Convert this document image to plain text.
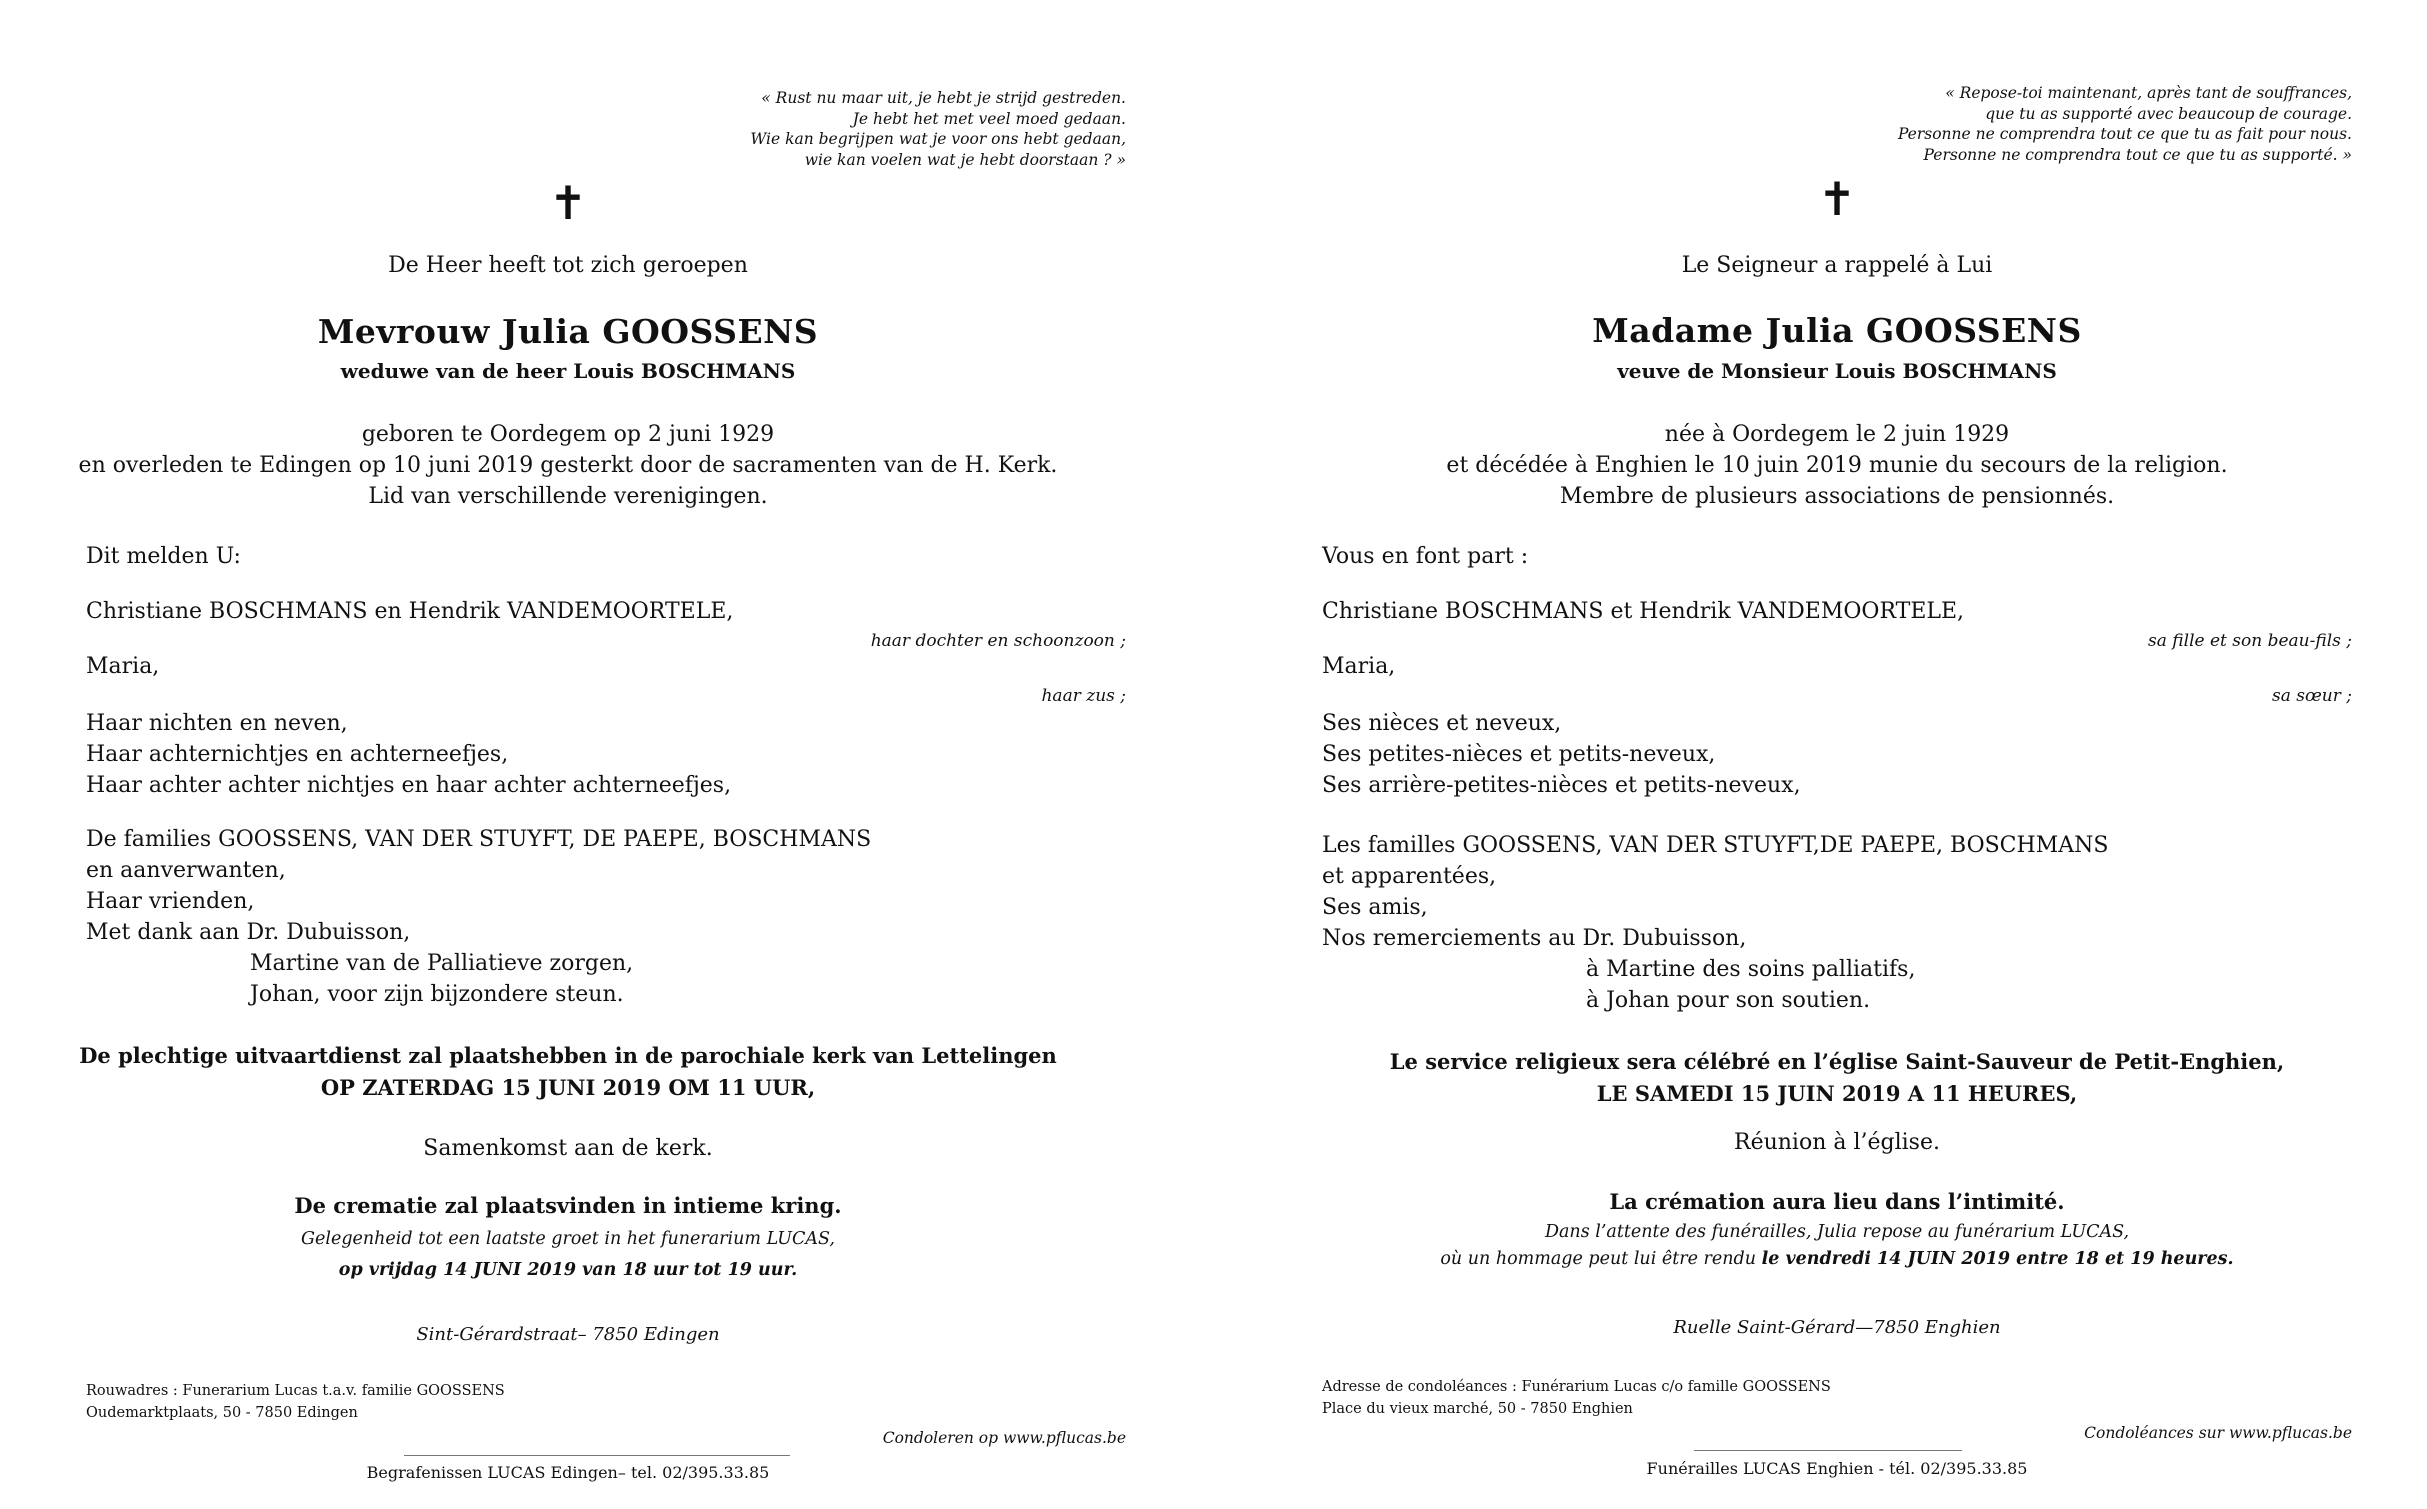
« Rust nu maar uit, je hebt je strijd gestreden.
Je hebt het met veel moed gedaan.
Wie kan begrijpen wat je voor ons hebt gedaan,
wie kan voelen wat je hebt doorstaan ? »
✝
De Heer heeft tot zich geroepen
Mevrouw Julia GOOSSENS
weduwe van de heer Louis BOSCHMANS
geboren te Oordegem op 2 juni 1929
en overleden te Edingen op 10 juni 2019 gesterkt door de sacramenten van de H. Kerk.
Lid van verschillende verenigingen.
Dit melden U:
Christiane BOSCHMANS en Hendrik VANDEMOORTELE,
haar dochter en schoonzoon ;
Maria,
haar zus ;
Haar nichten en neven,
Haar achternichtjes en achterneefjes,
Haar achter achter nichtjes en haar achter achterneefjes,
De families GOOSSENS, VAN DER STUYFT, DE PAEPE, BOSCHMANS
en aanverwanten,
Haar vrienden,
Met dank aan Dr. Dubuisson,
Martine van de Palliatieve zorgen,
Johan, voor zijn bijzondere steun.
De plechtige uitvaartdienst zal plaatshebben in de parochiale kerk van Lettelingen
OP ZATERDAG 15 JUNI 2019 OM 11 UUR,
Samenkomst aan de kerk.
De crematie zal plaatsvinden in intieme kring.
Gelegenheid tot een laatste groet in het funerarium LUCAS,
op vrijdag 14 JUNI 2019 van 18 uur tot 19 uur.
Sint-Gérardstraat– 7850 Edingen
Rouwadres : Funerarium Lucas t.a.v. familie GOOSSENS
Oudemarktplaats, 50 - 7850 Edingen
Condoleren op www.pflucas.be
Begrafenissen LUCAS Edingen– tel. 02/395.33.85
« Repose-toi maintenant, après tant de souffrances,
que tu as supporté avec beaucoup de courage.
Personne ne comprendra tout ce que tu as fait pour nous.
Personne ne comprendra tout ce que tu as supporté. »
✝
Le Seigneur a rappelé à Lui
Madame Julia GOOSSENS
veuve de Monsieur Louis BOSCHMANS
née à Oordegem le 2 juin 1929
et décédée à Enghien le 10 juin 2019 munie du secours de la religion.
Membre de plusieurs associations de pensionnés.
Vous en font part :
Christiane BOSCHMANS et Hendrik VANDEMOORTELE,
sa fille et son beau-fils ;
Maria,
sa sœur ;
Ses nièces et neveux,
Ses petites-nièces et petits-neveux,
Ses arrière-petites-nièces et petits-neveux,
Les familles GOOSSENS, VAN DER STUYFT,DE PAEPE, BOSCHMANS
et apparentées,
Ses amis,
Nos remerciements au Dr. Dubuisson,
à Martine des soins palliatifs,
à Johan pour son soutien.
Le service religieux sera célébré en l’église Saint-Sauveur de Petit-Enghien,
LE SAMEDI 15 JUIN 2019 A 11 HEURES,
Réunion à l’église.
La crémation aura lieu dans l’intimité.
Dans l’attente des funérailles, Julia repose au funérarium LUCAS,
où un hommage peut lui être rendu le vendredi 14 JUIN 2019 entre 18 et 19 heures.
Ruelle Saint-Gérard—7850 Enghien
Adresse de condoléances : Funérarium Lucas c/o famille GOOSSENS
Place du vieux marché, 50 - 7850 Enghien
Condoléances sur www.pflucas.be
Funérailles LUCAS Enghien - tél. 02/395.33.85
